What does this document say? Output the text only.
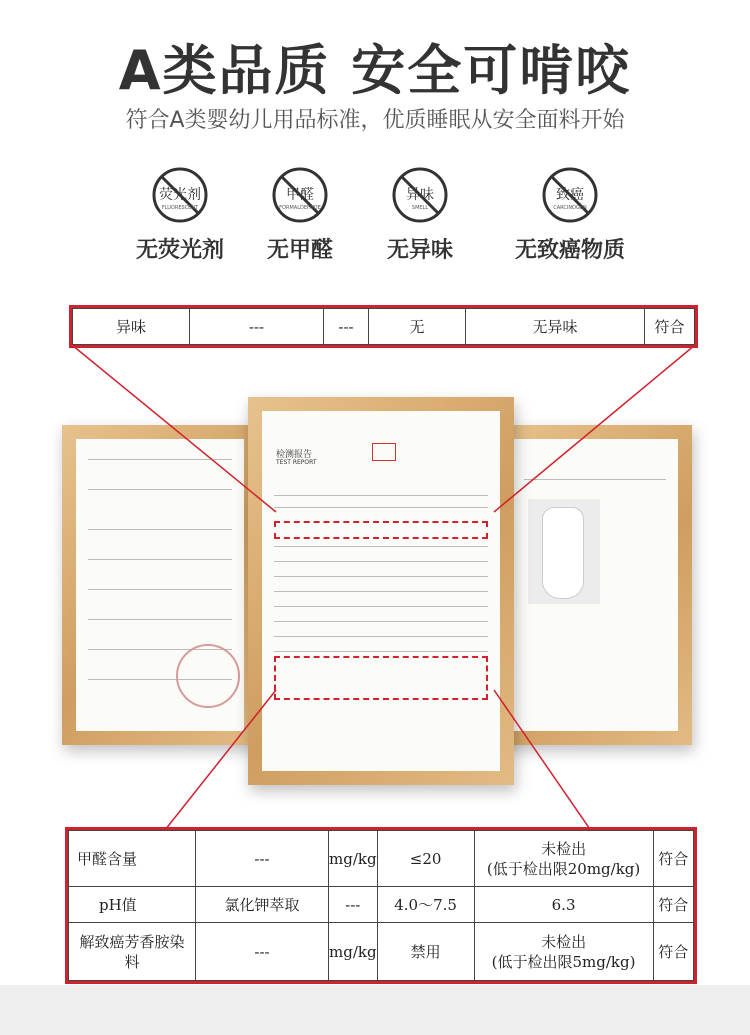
A类品质 安全可啃咬
符合A类婴幼儿用品标准，优质睡眠从安全面料开始
荧光剂
FLUORESCENT
无荧光剂
甲醛
FORMALDEHYDE
无甲醛
异味
SMELL
无异味
致癌
CARCINOGEN
无致癌物质
异味	---	---	无	无异味	符合
检测报告
TEST REPORT
甲醛含量	---	mg/kg	≤20	未检出
(低于检出限20mg/kg)	符合
pH值	氯化钾萃取	---	4.0～7.5	6.3	符合
解致癌芳香胺染料	---	mg/kg	禁用	未检出
(低于检出限5mg/kg)	符合
